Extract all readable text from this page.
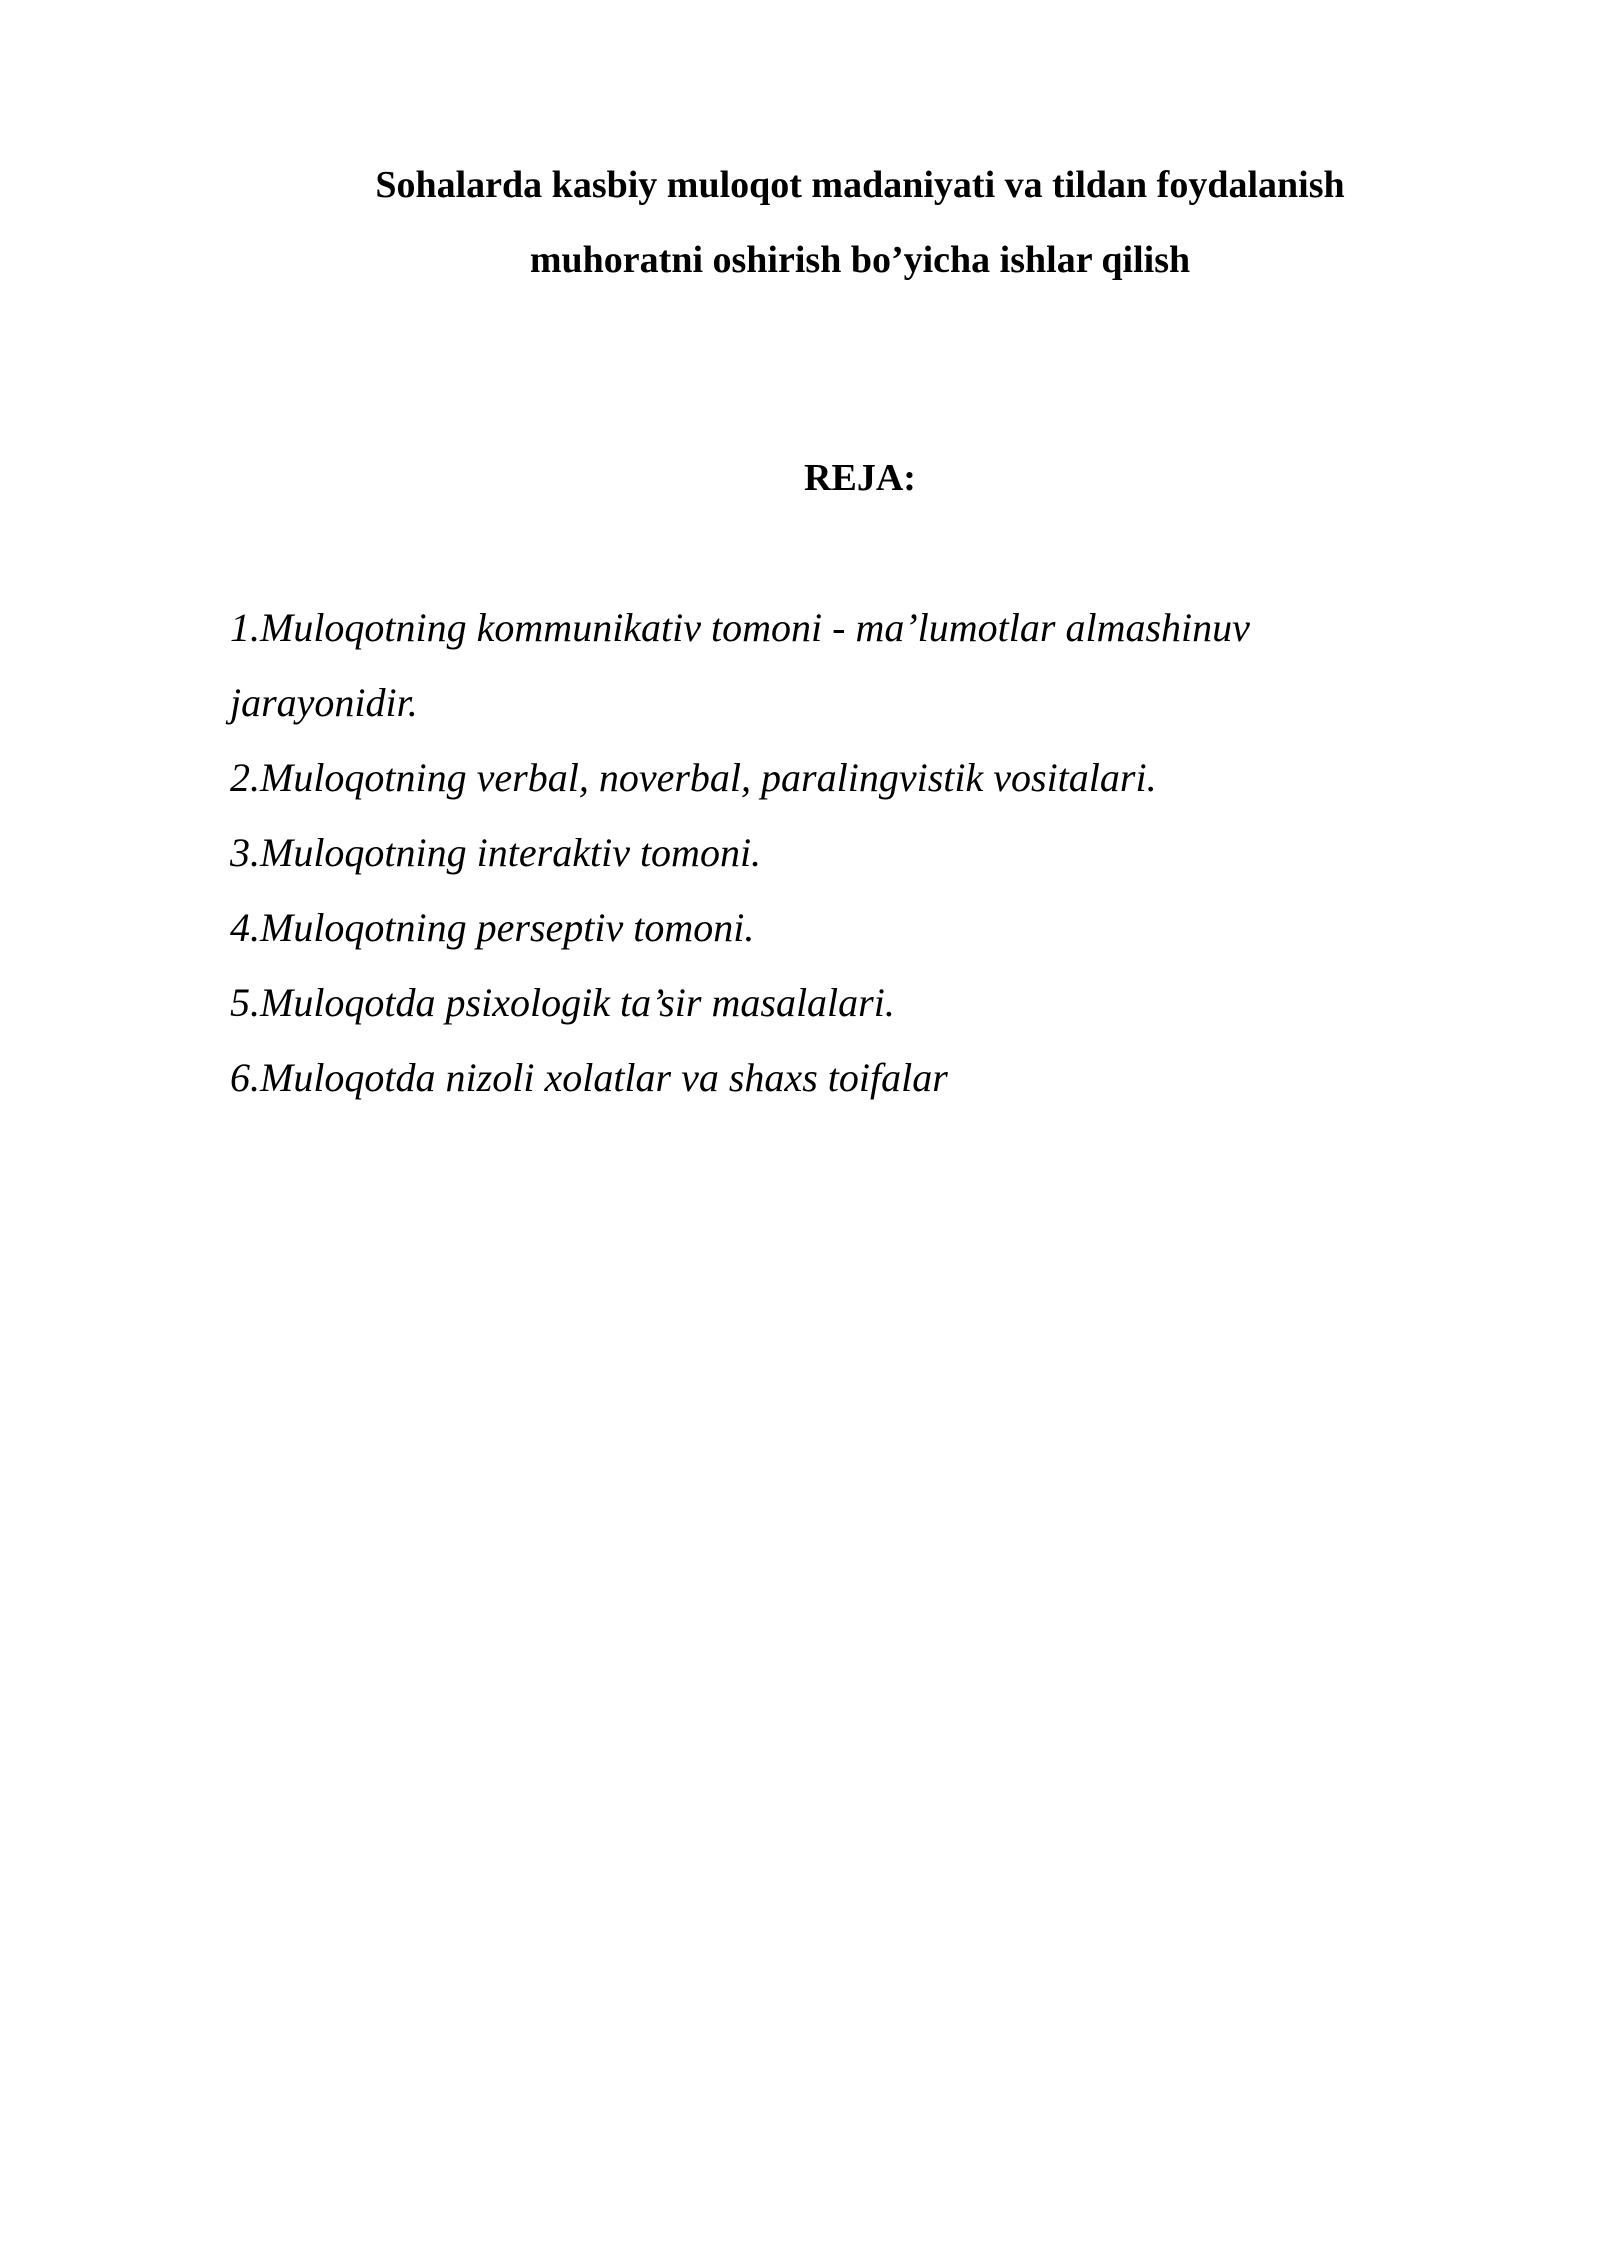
Sohalarda kasbiy muloqot madaniyati va tildan foydalanish
muhoratni oshirish bo’yicha ishlar qilish
REJA:
1.Muloqotning kommunikativ tomoni - ma’lumotlar almashinuv
jarayonidir.
2.Muloqotning verbal, noverbal, paralingvistik vositalari.
3.Muloqotning interaktiv tomoni.
4.Muloqotning perseptiv tomoni.
5.Muloqotda psixologik ta’sir masalalari.
6.Muloqotda nizoli xolatlar va shaxs toifalar
